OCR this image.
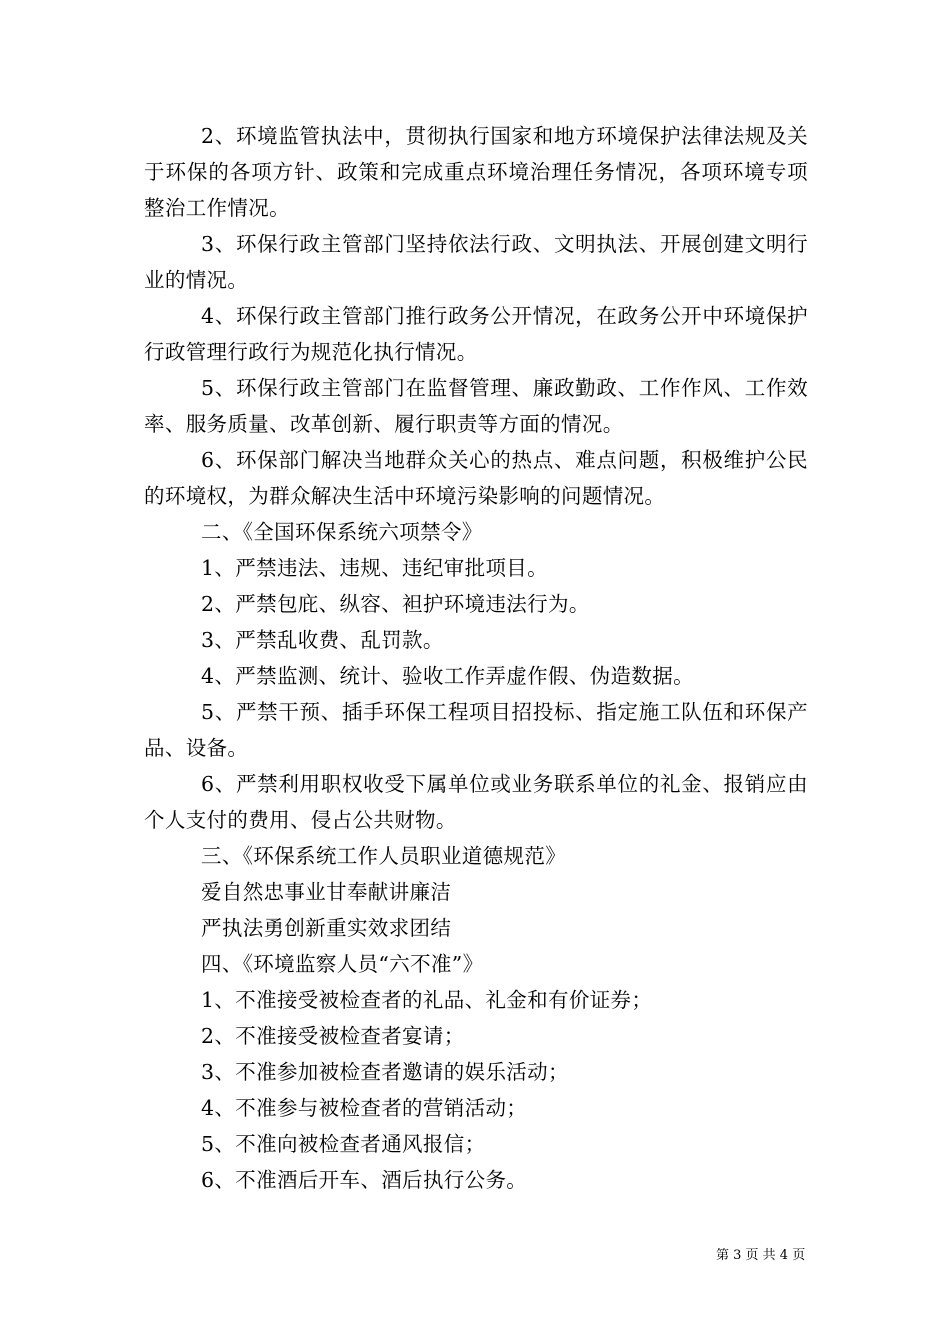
2、环境监管执法中，贯彻执行国家和地方环境保护法律法规及关于环保的各项方针、政策和完成重点环境治理任务情况，各项环境专项整治工作情况。

3、环保行政主管部门坚持依法行政、文明执法、开展创建文明行业的情况。

4、环保行政主管部门推行政务公开情况，在政务公开中环境保护行政管理行政行为规范化执行情况。

5、环保行政主管部门在监督管理、廉政勤政、工作作风、工作效率、服务质量、改革创新、履行职责等方面的情况。

6、环保部门解决当地群众关心的热点、难点问题，积极维护公民的环境权，为群众解决生活中环境污染影响的问题情况。

二、《全国环保系统六项禁令》

1、严禁违法、违规、违纪审批项目。

2、严禁包庇、纵容、袒护环境违法行为。

3、严禁乱收费、乱罚款。

4、严禁监测、统计、验收工作弄虚作假、伪造数据。

5、严禁干预、插手环保工程项目招投标、指定施工队伍和环保产品、设备。

6、严禁利用职权收受下属单位或业务联系单位的礼金、报销应由个人支付的费用、侵占公共财物。

三、《环保系统工作人员职业道德规范》

爱自然忠事业甘奉献讲廉洁

严执法勇创新重实效求团结

四、《环境监察人员“六不准”》

1、不准接受被检查者的礼品、礼金和有价证券；

2、不准接受被检查者宴请；

3、不准参加被检查者邀请的娱乐活动；

4、不准参与被检查者的营销活动；

5、不准向被检查者通风报信；

6、不准酒后开车、酒后执行公务。

第 3 页 共 4 页
